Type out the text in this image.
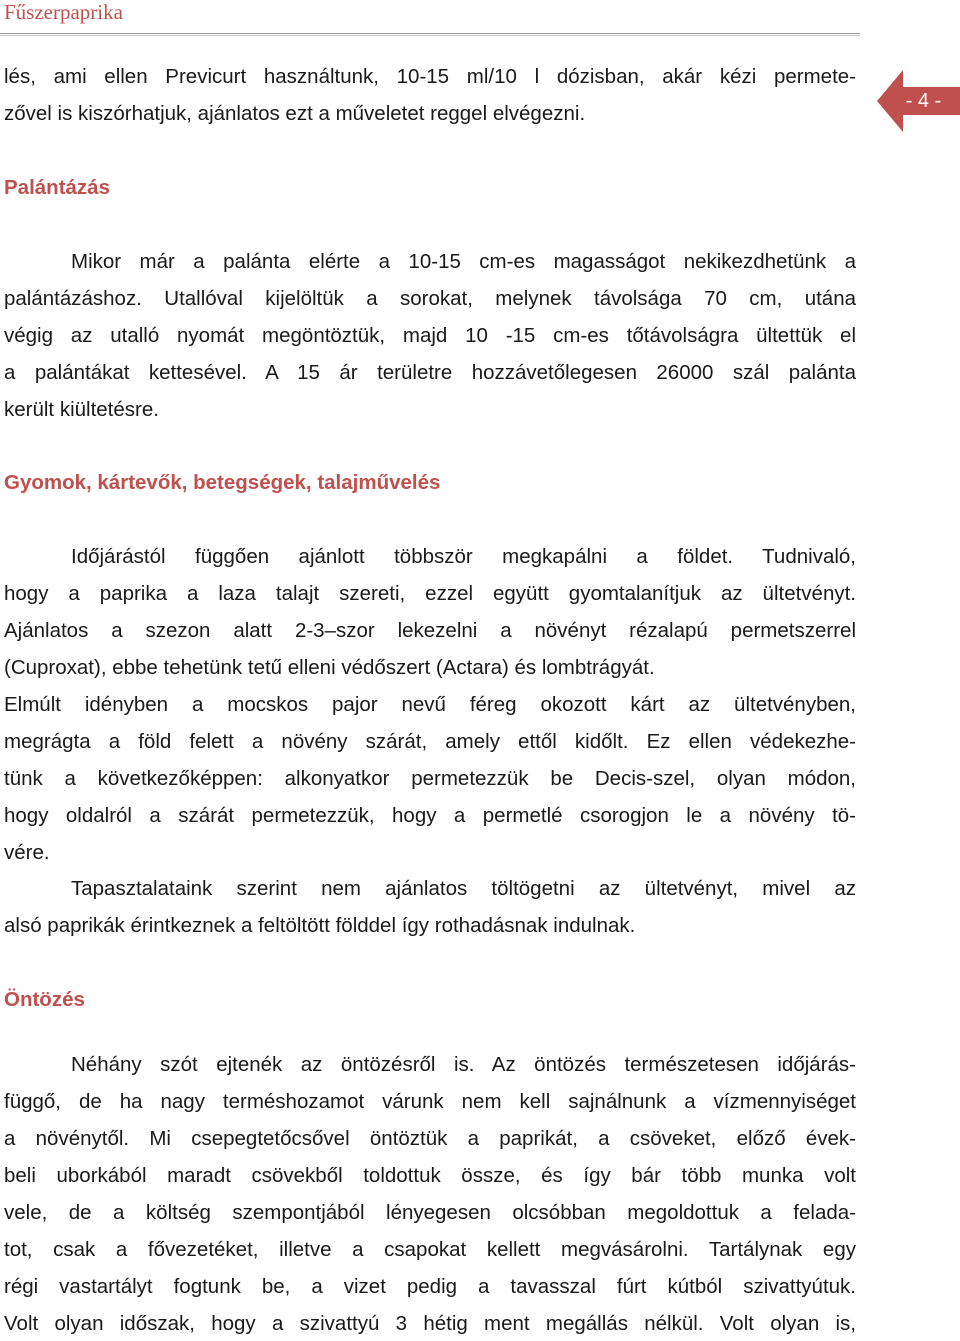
Fűszerpaprika
- 4 -
lés, ami ellen Previcurt használtunk, 10-15 ml/10 l dózisban, akár kézi permete-
zővel is kiszórhatjuk, ajánlatos ezt a műveletet reggel elvégezni.
Palántázás
Mikor már a palánta elérte a 10-15 cm-es magasságot nekikezdhetünk a
palántázáshoz. Utallóval kijelöltük a sorokat, melynek távolsága 70 cm, utána
végig az utalló nyomát megöntöztük, majd 10 -15 cm-es tőtávolságra ültettük el
a palántákat kettesével. A 15 ár területre hozzávetőlegesen 26000 szál palánta
került kiültetésre.
Gyomok, kártevők, betegségek, talajművelés
Időjárástól függően ajánlott többször megkapálni a földet. Tudnivaló,
hogy a paprika a laza talajt szereti, ezzel együtt gyomtalanítjuk az ültetvényt.
Ajánlatos a szezon alatt 2-3–szor lekezelni a növényt rézalapú permetszerrel
(Cuproxat), ebbe tehetünk tetű elleni védőszert (Actara) és lombtrágyát.
Elmúlt idényben a mocskos pajor nevű féreg okozott kárt az ültetvényben,
megrágta a föld felett a növény szárát, amely ettől kidőlt. Ez ellen védekezhe-
tünk a következőképpen: alkonyatkor permetezzük be Decis-szel, olyan módon,
hogy oldalról a szárát permetezzük, hogy a permetlé csorogjon le a növény tö-
vére.
Tapasztalataink szerint nem ajánlatos töltögetni az ültetvényt, mivel az
alsó paprikák érintkeznek a feltöltött földdel így rothadásnak indulnak.
Öntözés
Néhány szót ejtenék az öntözésről is. Az öntözés természetesen időjárás-
függő, de ha nagy terméshozamot várunk nem kell sajnálnunk a vízmennyiséget
a növénytől. Mi csepegtetőcsővel öntöztük a paprikát, a csöveket, előző évek-
beli uborkából maradt csövekből toldottuk össze, és így bár több munka volt
vele, de a költség szempontjából lényegesen olcsóbban megoldottuk a felada-
tot, csak a fővezetéket, illetve a csapokat kellett megvásárolni. Tartálynak egy
régi vastartályt fogtunk be, a vizet pedig a tavasszal fúrt kútból szivattyútuk.
Volt olyan időszak, hogy a szivattyú 3 hétig ment megállás nélkül. Volt olyan is,
